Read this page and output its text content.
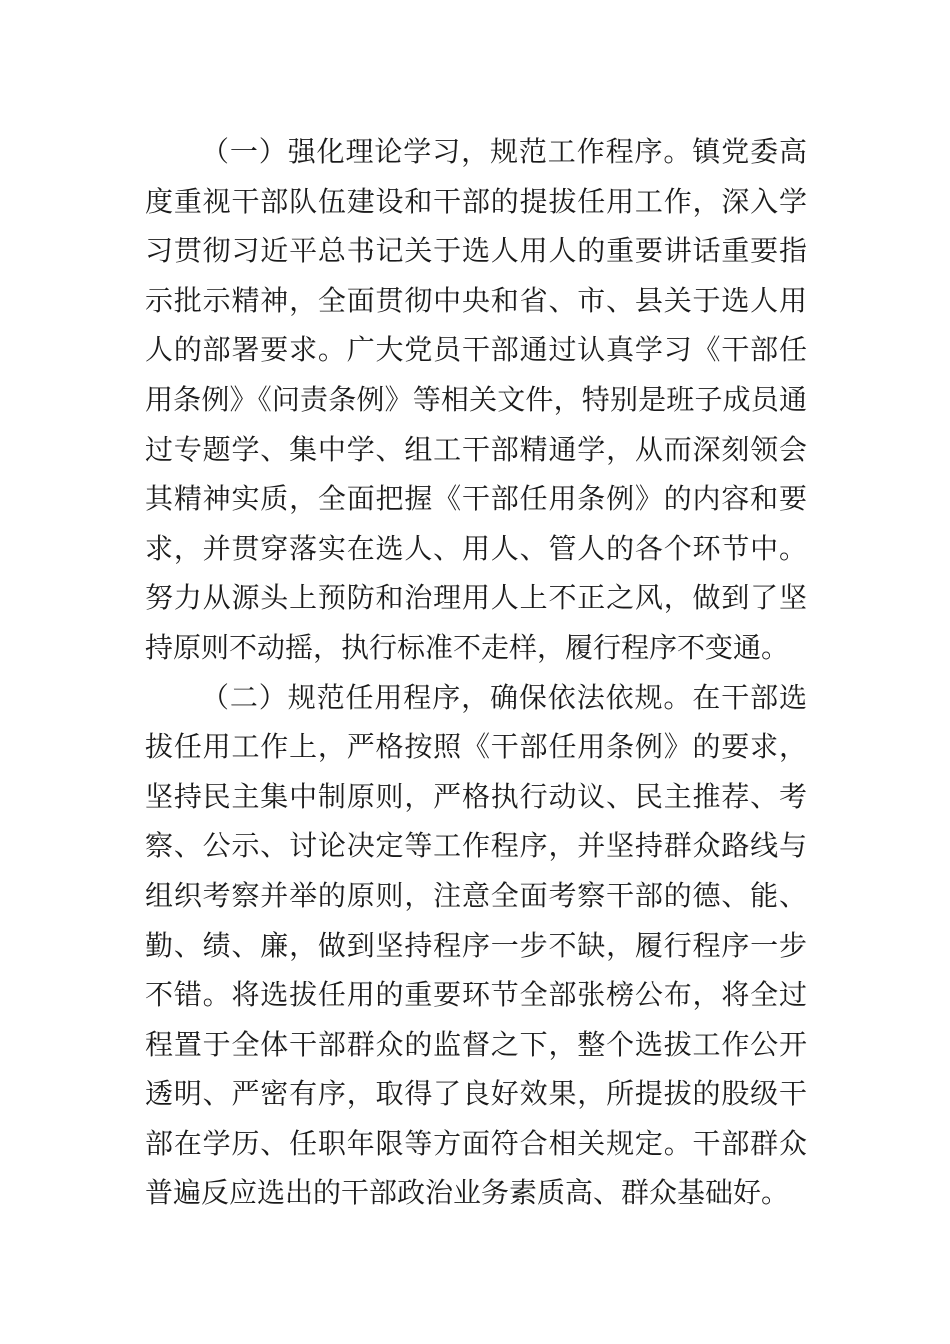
（一）强化理论学习，规范工作程序。镇党委高度重视干部队伍建设和干部的提拔任用工作，深入学习贯彻习近平总书记关于选人用人的重要讲话重要指示批示精神，全面贯彻中央和省、市、县关于选人用人的部署要求。广大党员干部通过认真学习《干部任用条例》《问责条例》等相关文件，特别是班子成员通过专题学、集中学、组工干部精通学，从而深刻领会其精神实质，全面把握《干部任用条例》的内容和要求，并贯穿落实在选人、用人、管人的各个环节中。努力从源头上预防和治理用人上不正之风，做到了坚持原则不动摇，执行标准不走样，履行程序不变通。

（二）规范任用程序，确保依法依规。在干部选拔任用工作上，严格按照《干部任用条例》的要求，坚持民主集中制原则，严格执行动议、民主推荐、考察、公示、讨论决定等工作程序，并坚持群众路线与组织考察并举的原则，注意全面考察干部的德、能、勤、绩、廉，做到坚持程序一步不缺，履行程序一步不错。将选拔任用的重要环节全部张榜公布，将全过程置于全体干部群众的监督之下，整个选拔工作公开透明、严密有序，取得了良好效果，所提拔的股级干部在学历、任职年限等方面符合相关规定。干部群众普遍反应选出的干部政治业务素质高、群众基础好。
